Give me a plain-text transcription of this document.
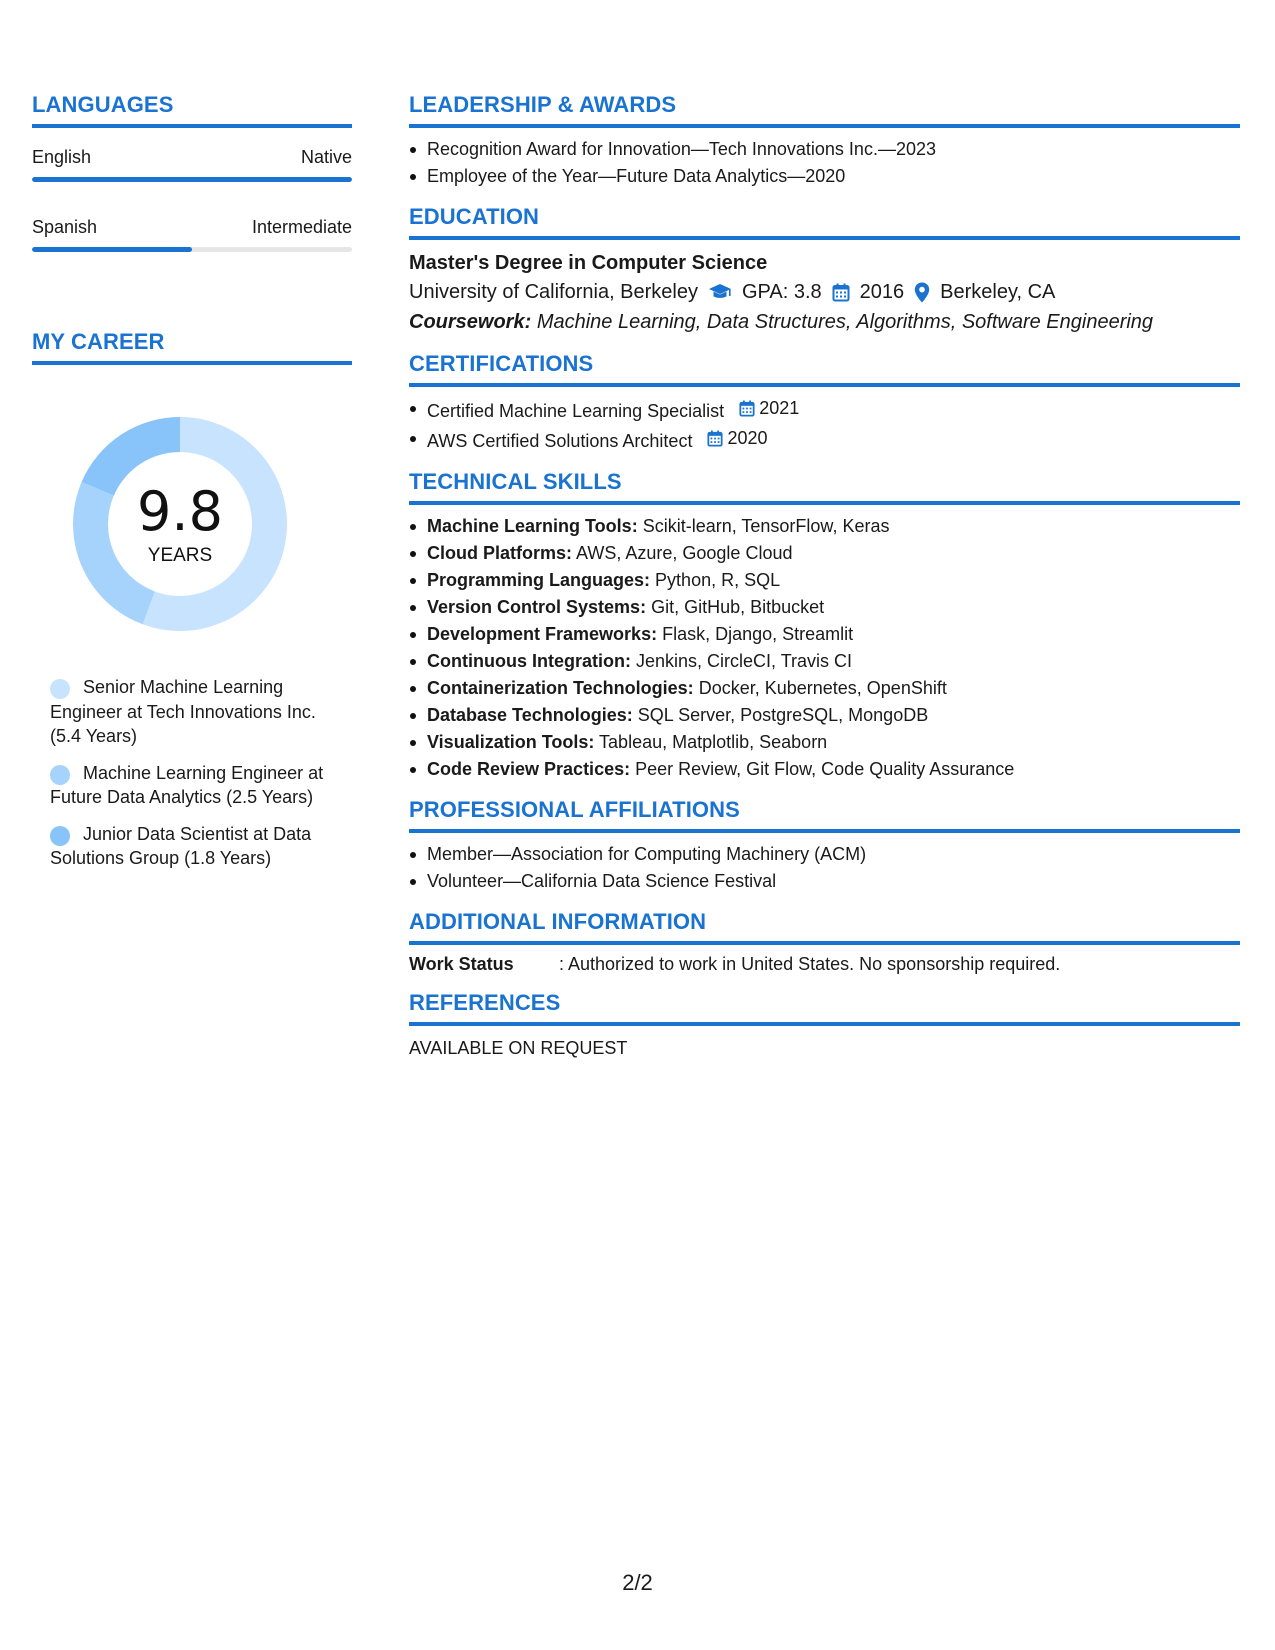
LANGUAGES
English	Native
Spanish	Intermediate
MY CAREER
9.8
YEARS
Senior Machine Learning Engineer at Tech Innovations Inc. (5.4 Years)
Machine Learning Engineer at Future Data Analytics (2.5 Years)
Junior Data Scientist at Data Solutions Group (1.8 Years)
LEADERSHIP & AWARDS
Recognition Award for Innovation—Tech Innovations Inc.—2023
Employee of the Year—Future Data Analytics—2020
EDUCATION
Master's Degree in Computer Science
University of California, Berkeley GPA: 3.8 2016 Berkeley, CA
Coursework: Machine Learning, Data Structures, Algorithms, Software Engineering
CERTIFICATIONS
Certified Machine Learning Specialist 2021
AWS Certified Solutions Architect 2020
TECHNICAL SKILLS
Machine Learning Tools: Scikit-learn, TensorFlow, Keras
Cloud Platforms: AWS, Azure, Google Cloud
Programming Languages: Python, R, SQL
Version Control Systems: Git, GitHub, Bitbucket
Development Frameworks: Flask, Django, Streamlit
Continuous Integration: Jenkins, CircleCI, Travis CI
Containerization Technologies: Docker, Kubernetes, OpenShift
Database Technologies: SQL Server, PostgreSQL, MongoDB
Visualization Tools: Tableau, Matplotlib, Seaborn
Code Review Practices: Peer Review, Git Flow, Code Quality Assurance
PROFESSIONAL AFFILIATIONS
Member—Association for Computing Machinery (ACM)
Volunteer—California Data Science Festival
ADDITIONAL INFORMATION
Work Status	: Authorized to work in United States. No sponsorship required.
REFERENCES
AVAILABLE ON REQUEST
2/2
